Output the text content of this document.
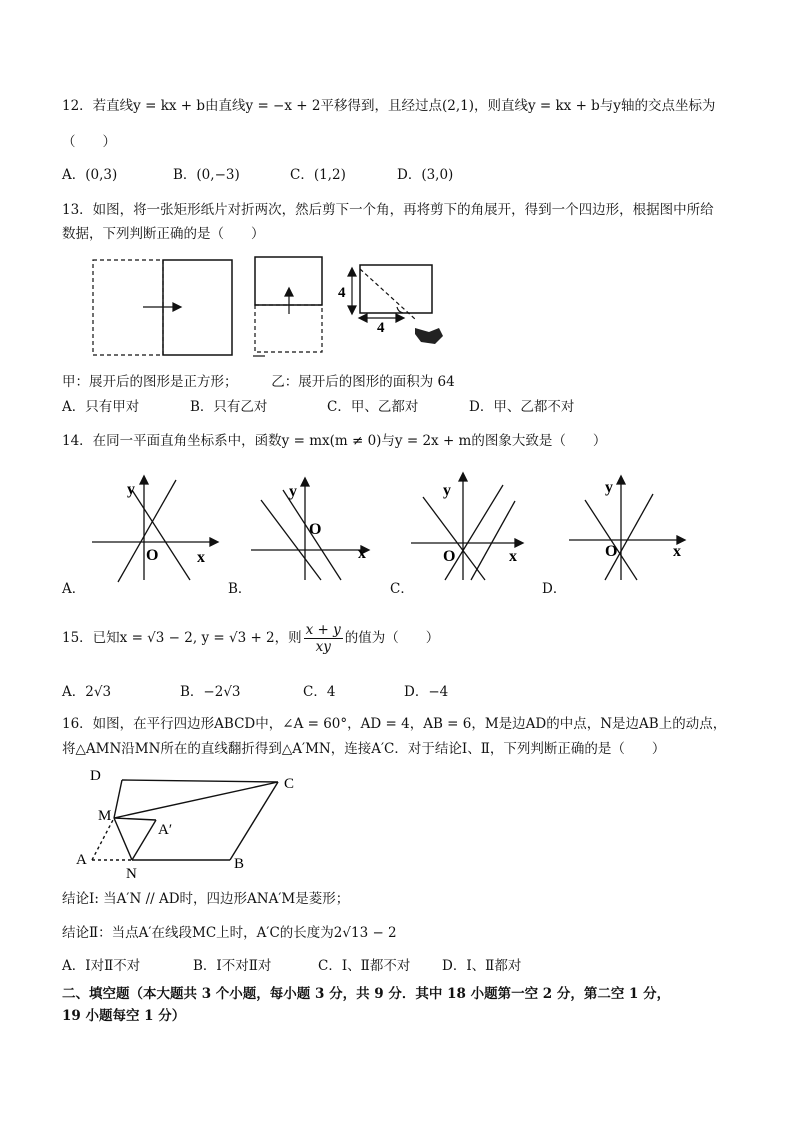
12．若直线y = kx + b由直线y = −x + 2平移得到，且经过点(2,1)，则直线y = kx + b与y轴的交点坐标为
（　　）
A．(0,3)	B．(0,−3)	C．(1,2)	D．(3,0)
13．如图，将一张矩形纸片对折两次，然后剪下一个角，再将剪下的角展开，得到一个四边形，根据图中所给
数据，下列判断正确的是（　　）
4
4
甲：展开后的图形是正方形；　　　乙：展开后的图形的面积为 64
A．只有甲对	B．只有乙对	C．甲、乙都对	D．甲、乙都不对
14．在同一平面直角坐标系中，函数y = mx(m ≠ 0)与y = 2x + m的图象大致是（　　）
y
x
O
y
x
O
y
x
O
y
x
O
A．	B．	C．	D．
15．已知x = √3 − 2, y = √3 + 2，则 $\frac{x + y}{xy}$ 的值为（　　）
A．2√3	B．−2√3	C．4	D．−4
16．如图，在平行四边形ABCD中，∠A = 60°，AD = 4，AB = 6，M是边AD的中点，N是边AB上的动点，
将△AMN沿MN所在的直线翻折得到△A′MN，连接A′C．对于结论Ⅰ、Ⅱ，下列判断正确的是（　　）
D	C
M
A′
A
N
B
结论Ⅰ: 当A′N // AD时，四边形ANA′M是菱形；
结论Ⅱ：当点A′在线段MC上时，A′C的长度为2√13 − 2
A．Ⅰ对Ⅱ不对	B．Ⅰ不对Ⅱ对	C．Ⅰ、Ⅱ都不对 D．Ⅰ、Ⅱ都对
二、填空题（本大题共 3 个小题，每小题 3 分，共 9 分．其中 18 小题第一空 2 分，第二空 1 分，
19 小题每空 1 分）
